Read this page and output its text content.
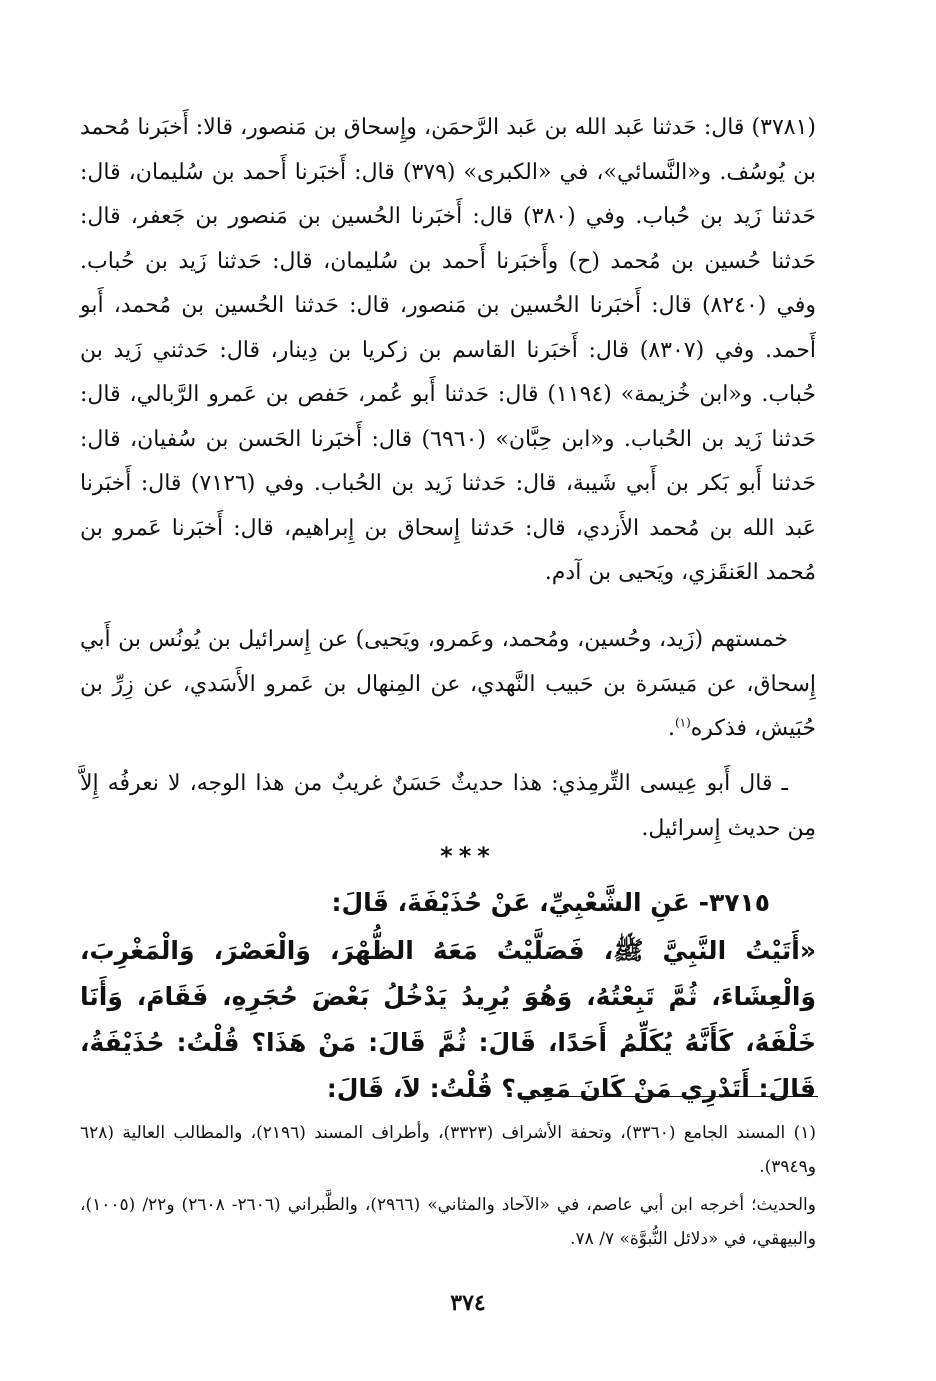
(٣٧٨١) قال: حَدثنا عَبد الله بن عَبد الرَّحمَن، وإِسحاق بن مَنصور، قالا: أَخبَرنا مُحمد بن يُوسُف. و«النَّسائي»، في «الكبرى» (٣٧٩) قال: أَخبَرنا أَحمد بن سُليمان، قال: حَدثنا زَيد بن حُباب. وفي (٣٨٠) قال: أَخبَرنا الحُسين بن مَنصور بن جَعفر، قال: حَدثنا حُسين بن مُحمد (ح) وأَخبَرنا أَحمد بن سُليمان، قال: حَدثنا زَيد بن حُباب. وفي (٨٢٤٠) قال: أَخبَرنا الحُسين بن مَنصور، قال: حَدثنا الحُسين بن مُحمد، أَبو أَحمد. وفي (٨٣٠٧) قال: أَخبَرنا القاسم بن زكريا بن دِينار، قال: حَدثني زَيد بن حُباب. و«ابن خُزيمة» (١١٩٤) قال: حَدثنا أَبو عُمر، حَفص بن عَمرو الرَّبالي، قال: حَدثنا زَيد بن الحُباب. و«ابن حِبَّان» (٦٩٦٠) قال: أَخبَرنا الحَسن بن سُفيان، قال: حَدثنا أَبو بَكر بن أَبي شَيبة، قال: حَدثنا زَيد بن الحُباب. وفي (٧١٢٦) قال: أَخبَرنا عَبد الله بن مُحمد الأَزدي، قال: حَدثنا إِسحاق بن إِبراهيم، قال: أَخبَرنا عَمرو بن مُحمد العَنقَزي، ويَحيى بن آدم.

خمستهم (زَيد، وحُسين، ومُحمد، وعَمرو، ويَحيى) عن إِسرائيل بن يُونُس بن أَبي إِسحاق، عن مَيسَرة بن حَبيب النَّهدي، عن المِنهال بن عَمرو الأَسَدي، عن زِرِّ بن حُبَيش، فذكره$^{(١)}$.

ـ قال أَبو عِيسى التِّرمِذي: هذا حديثٌ حَسَنٌ غريبٌ من هذا الوجه، لا نعرفُه إِلاَّ مِن حديث إِسرائيل.

***
٣٧١٥- عَنِ الشَّعْبِيِّ، عَنْ حُذَيْفَةَ، قَالَ:

«أَتَيْتُ النَّبِيَّ ﷺ، فَصَلَّيْتُ مَعَهُ الظُّهْرَ، وَالْعَصْرَ، وَالْمَغْرِبَ، وَالْعِشَاءَ، ثُمَّ تَبِعْتُهُ، وَهُوَ يُرِيدُ يَدْخُلُ بَعْضَ حُجَرِهِ، فَقَامَ، وَأَنَا خَلْفَهُ، كَأَنَّهُ يُكَلِّمُ أَحَدًا، قَالَ: ثُمَّ قَالَ: مَنْ هَذَا؟ قُلْتُ: حُذَيْفَةُ، قَالَ: أَتَدْرِي مَنْ كَانَ مَعِي؟ قُلْتُ: لاَ، قَالَ:

(١) المسند الجامع (٣٣٦٠)، وتحفة الأشراف (٣٣٢٣)، وأطراف المسند (٢١٩٦)، والمطالب العالية (٦٢٨ و٣٩٤٩).

والحديث؛ أخرجه ابن أبي عاصم، في «الآحاد والمثاني» (٢٩٦٦)، والطَّبراني (٢٦٠٦- ٢٦٠٨) و٢٢/ (١٠٠٥)، والبيهقي، في «دلائل النُّبوَّة» ٧/ ٧٨.

٣٧٤
